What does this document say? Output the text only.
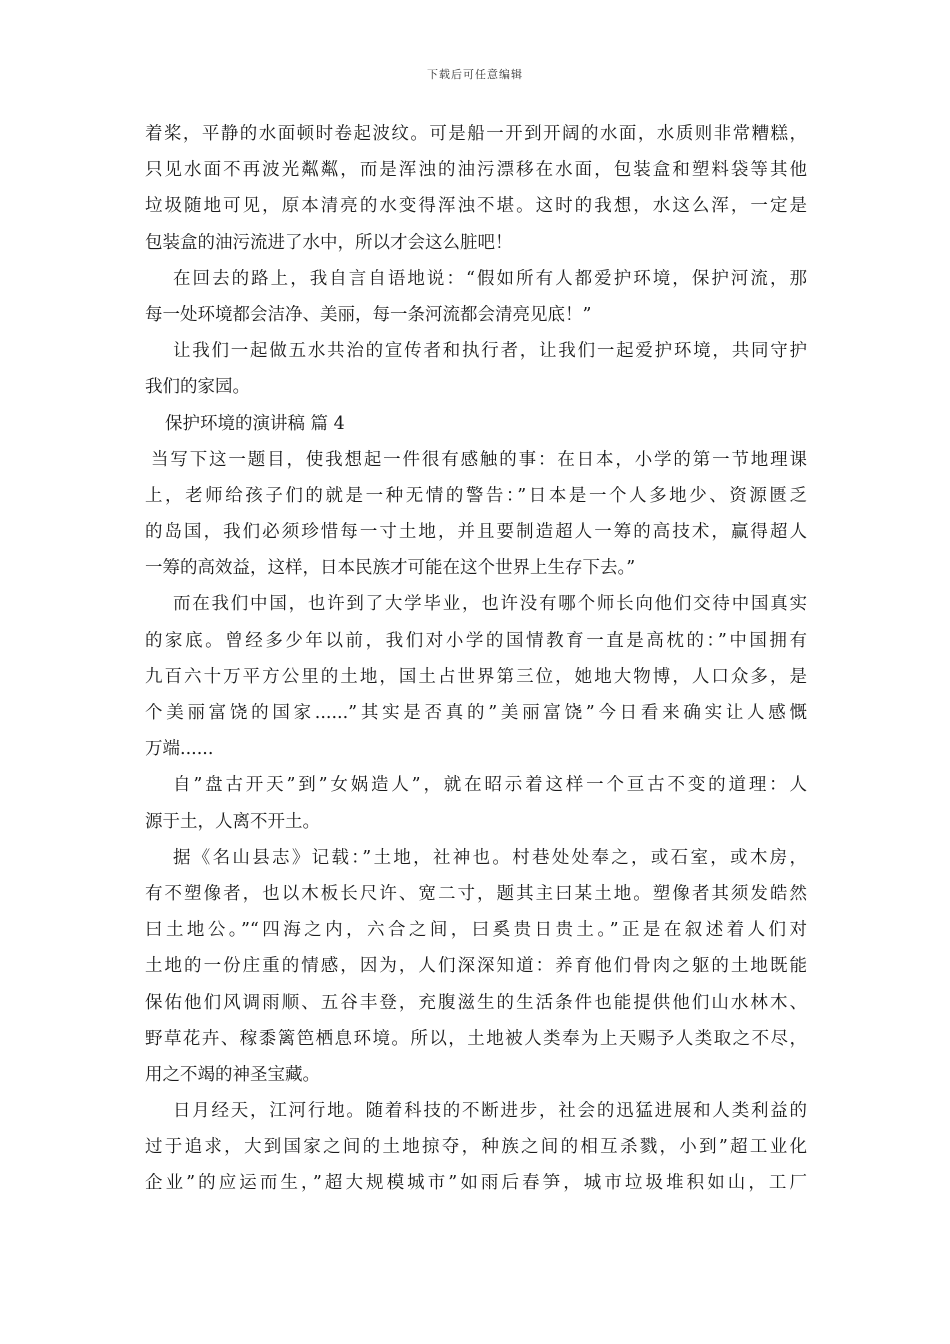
下载后可任意编辑
着桨，平静的水面顿时卷起波纹。可是船一开到开阔的水面，水质则非常糟糕，
只见水面不再波光粼粼，而是浑浊的油污漂移在水面，包装盒和塑料袋等其他
垃圾随地可见，原本清亮的水变得浑浊不堪。这时的我想，水这么浑，一定是
包装盒的油污流进了水中，所以才会这么脏吧！
在回去的路上，我自言自语地说：“假如所有人都爱护环境，保护河流，那
每一处环境都会洁净、美丽，每一条河流都会清亮见底！”
让我们一起做五水共治的宣传者和执行者，让我们一起爱护环境，共同守护
我们的家园。
保护环境的演讲稿 篇 4
当写下这一题目，使我想起一件很有感触的事：在日本，小学的第一节地理课
上，老师给孩子们的就是一种无情的警告：”日本是一个人多地少、资源匮乏
的岛国，我们必须珍惜每一寸土地，并且要制造超人一筹的高技术，赢得超人
一筹的高效益，这样，日本民族才可能在这个世界上生存下去。”
而在我们中国，也许到了大学毕业，也许没有哪个师长向他们交待中国真实
的家底。曾经多少年以前，我们对小学的国情教育一直是高枕的：”中国拥有
九百六十万平方公里的土地，国土占世界第三位，她地大物博，人口众多，是
个美丽富饶的国家......”其实是否真的”美丽富饶”今日看来确实让人感慨
万端......
自”盘古开天”到”女娲造人”，就在昭示着这样一个亘古不变的道理：人
源于土，人离不开土。
据《名山县志》记载：”土地，社神也。村巷处处奉之，或石室，或木房，
有不塑像者，也以木板长尺许、宽二寸，题其主曰某土地。塑像者其须发皓然
曰土地公。”“四海之内，六合之间，曰奚贵日贵土。”正是在叙述着人们对
土地的一份庄重的情感，因为，人们深深知道：养育他们骨肉之躯的土地既能
保佑他们风调雨顺、五谷丰登，充腹滋生的生活条件也能提供他们山水林木、
野草花卉、稼黍篱笆栖息环境。所以，土地被人类奉为上天赐予人类取之不尽，
用之不竭的神圣宝藏。
日月经天，江河行地。随着科技的不断进步，社会的迅猛进展和人类利益的
过于追求，大到国家之间的土地掠夺，种族之间的相互杀戮，小到”超工业化
企业”的应运而生，”超大规模城市”如雨后春笋，城市垃圾堆积如山，工厂
